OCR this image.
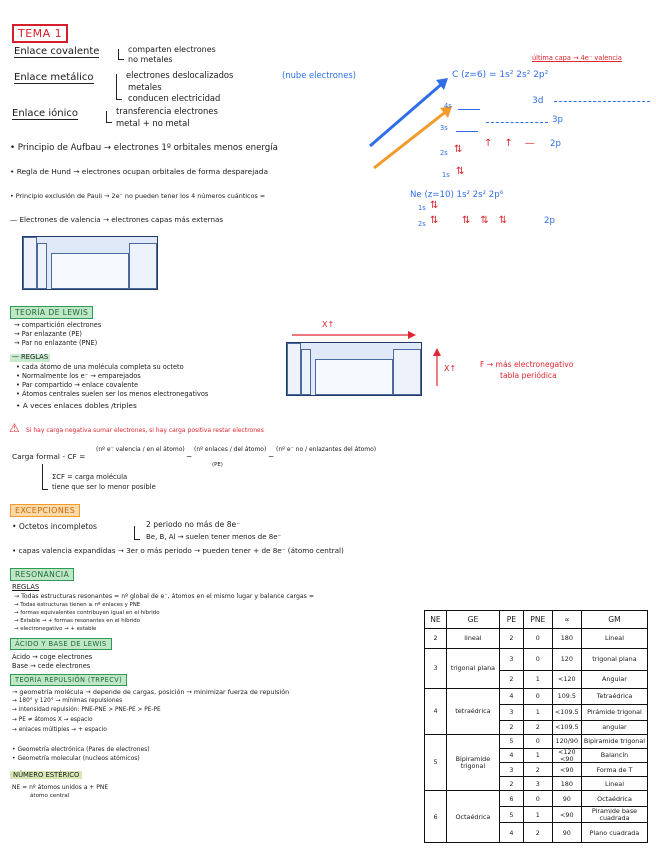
TEMA 1
Enlace covalente	comparten electrones
no metales
Enlace metálico	electrones deslocalizados	(nube electrones)
metales
conducen electricidad
Enlace iónico	transferencia electrones
metal + no metal
• Principio de Aufbau → electrones 1º orbitales menos energía
• Regla de Hund → electrones ocupan orbitales de forma desparejada
• Principio exclusión de Pauli → 2e⁻ no pueden tener los 4 números cuánticos =
— Electrones de valencia → electrones capas más externas
última capa → 4e⁻ valencia
C (z=6) = 1s² 2s² 2p²
4s	3d
3p
3s
2s ⇅
↑↑— 2p
1s ⇅
Ne (z=10) 1s² 2s² 2p⁶
1s ⇅
2s ⇅ ⇅⇅⇅	2p
TEORÍA DE LEWIS
→ compartición electrones
→ Par enlazante (PE)
→ Par no enlazante (PNE)
— REGLAS
• cada átomo de una molécula completa su octeto
• Normalmente los e⁻ → emparejados
• Par compartido → enlace covalente
• Átomos centrales suelen ser los menos electronegativos
• A veces enlaces dobles /triples
X↑
X↑	F → más electronegativo
tabla periódica
⚠ Si hay carga negativa sumar electrones, si hay carga positiva restar electrones
Carga formal - CF =
(nº e⁻ valencia / en el átomo)
−
(nº enlaces / del átomo)
(PE)
−
(nº e⁻ no / enlazantes del átomo)
ΣCF = carga molécula
tiene que ser lo menor posible
EXCEPCIONES
• Octetos incompletos	2 periodo no más de 8e⁻
Be, B, Al → suelen tener menos de 8e⁻
• capas valencia expandidas → 3er o más periodo → pueden tener + de 8e⁻ (átomo central)
RESONANCIA
REGLAS
→ Todas estructuras resonantes = nº global de e⁻, átomos en el mismo lugar y balance cargas =
→ Todas estructuras tienen ≥ nº enlaces y PNE
→ formas equivalentes contribuyen igual en el híbrido
→ Estable → + formas resonantes en el híbrido
→ electronegativo → + estable
ÁCIDO Y BASE DE LEWIS
Ácido → coge electrones
Base → cede electrones
TEORÍA REPULSIÓN (TRPECV)
→ geometría molécula → depende de cargas, posición → minimizar fuerza de repulsión
→ 180° y 120° → mínimas repulsiones
→ intensidad repulsión: PNE-PNE > PNE-PE > PE-PE
→ PE ≠ átomos X → espacio
→ enlaces múltiples → + espacio
• Geometría electrónica (Pares de electrones)
• Geometría molecular (nucleos atómicos)
NÚMERO ESTÉRICO
NE = nº átomos unidos a + PNE
átomo central
NE	GE	PE	PNE	∝	GM
2	lineal	2	0	180	Lineal
3	trigonal plana	3	0	120	trigonal plana
		2	1	<120	Angular
4	tetraédrica	4	0	109.5	Tetraédrica
		3	1	<109.5	Pirámide trigonal
		2	2	<109.5	angular
5	Bipiramide trigonal	5	0	120/90	Bipiramide trigonal
		4	1	<120 <90	Balancín
		3	2	<90	Forma de T
		2	3	180	Lineal
6	Octaédrica	6	0	90	Octaédrica
		5	1	<90	Piramide base cuadrada
		4	2	90	Plano cuadrada
